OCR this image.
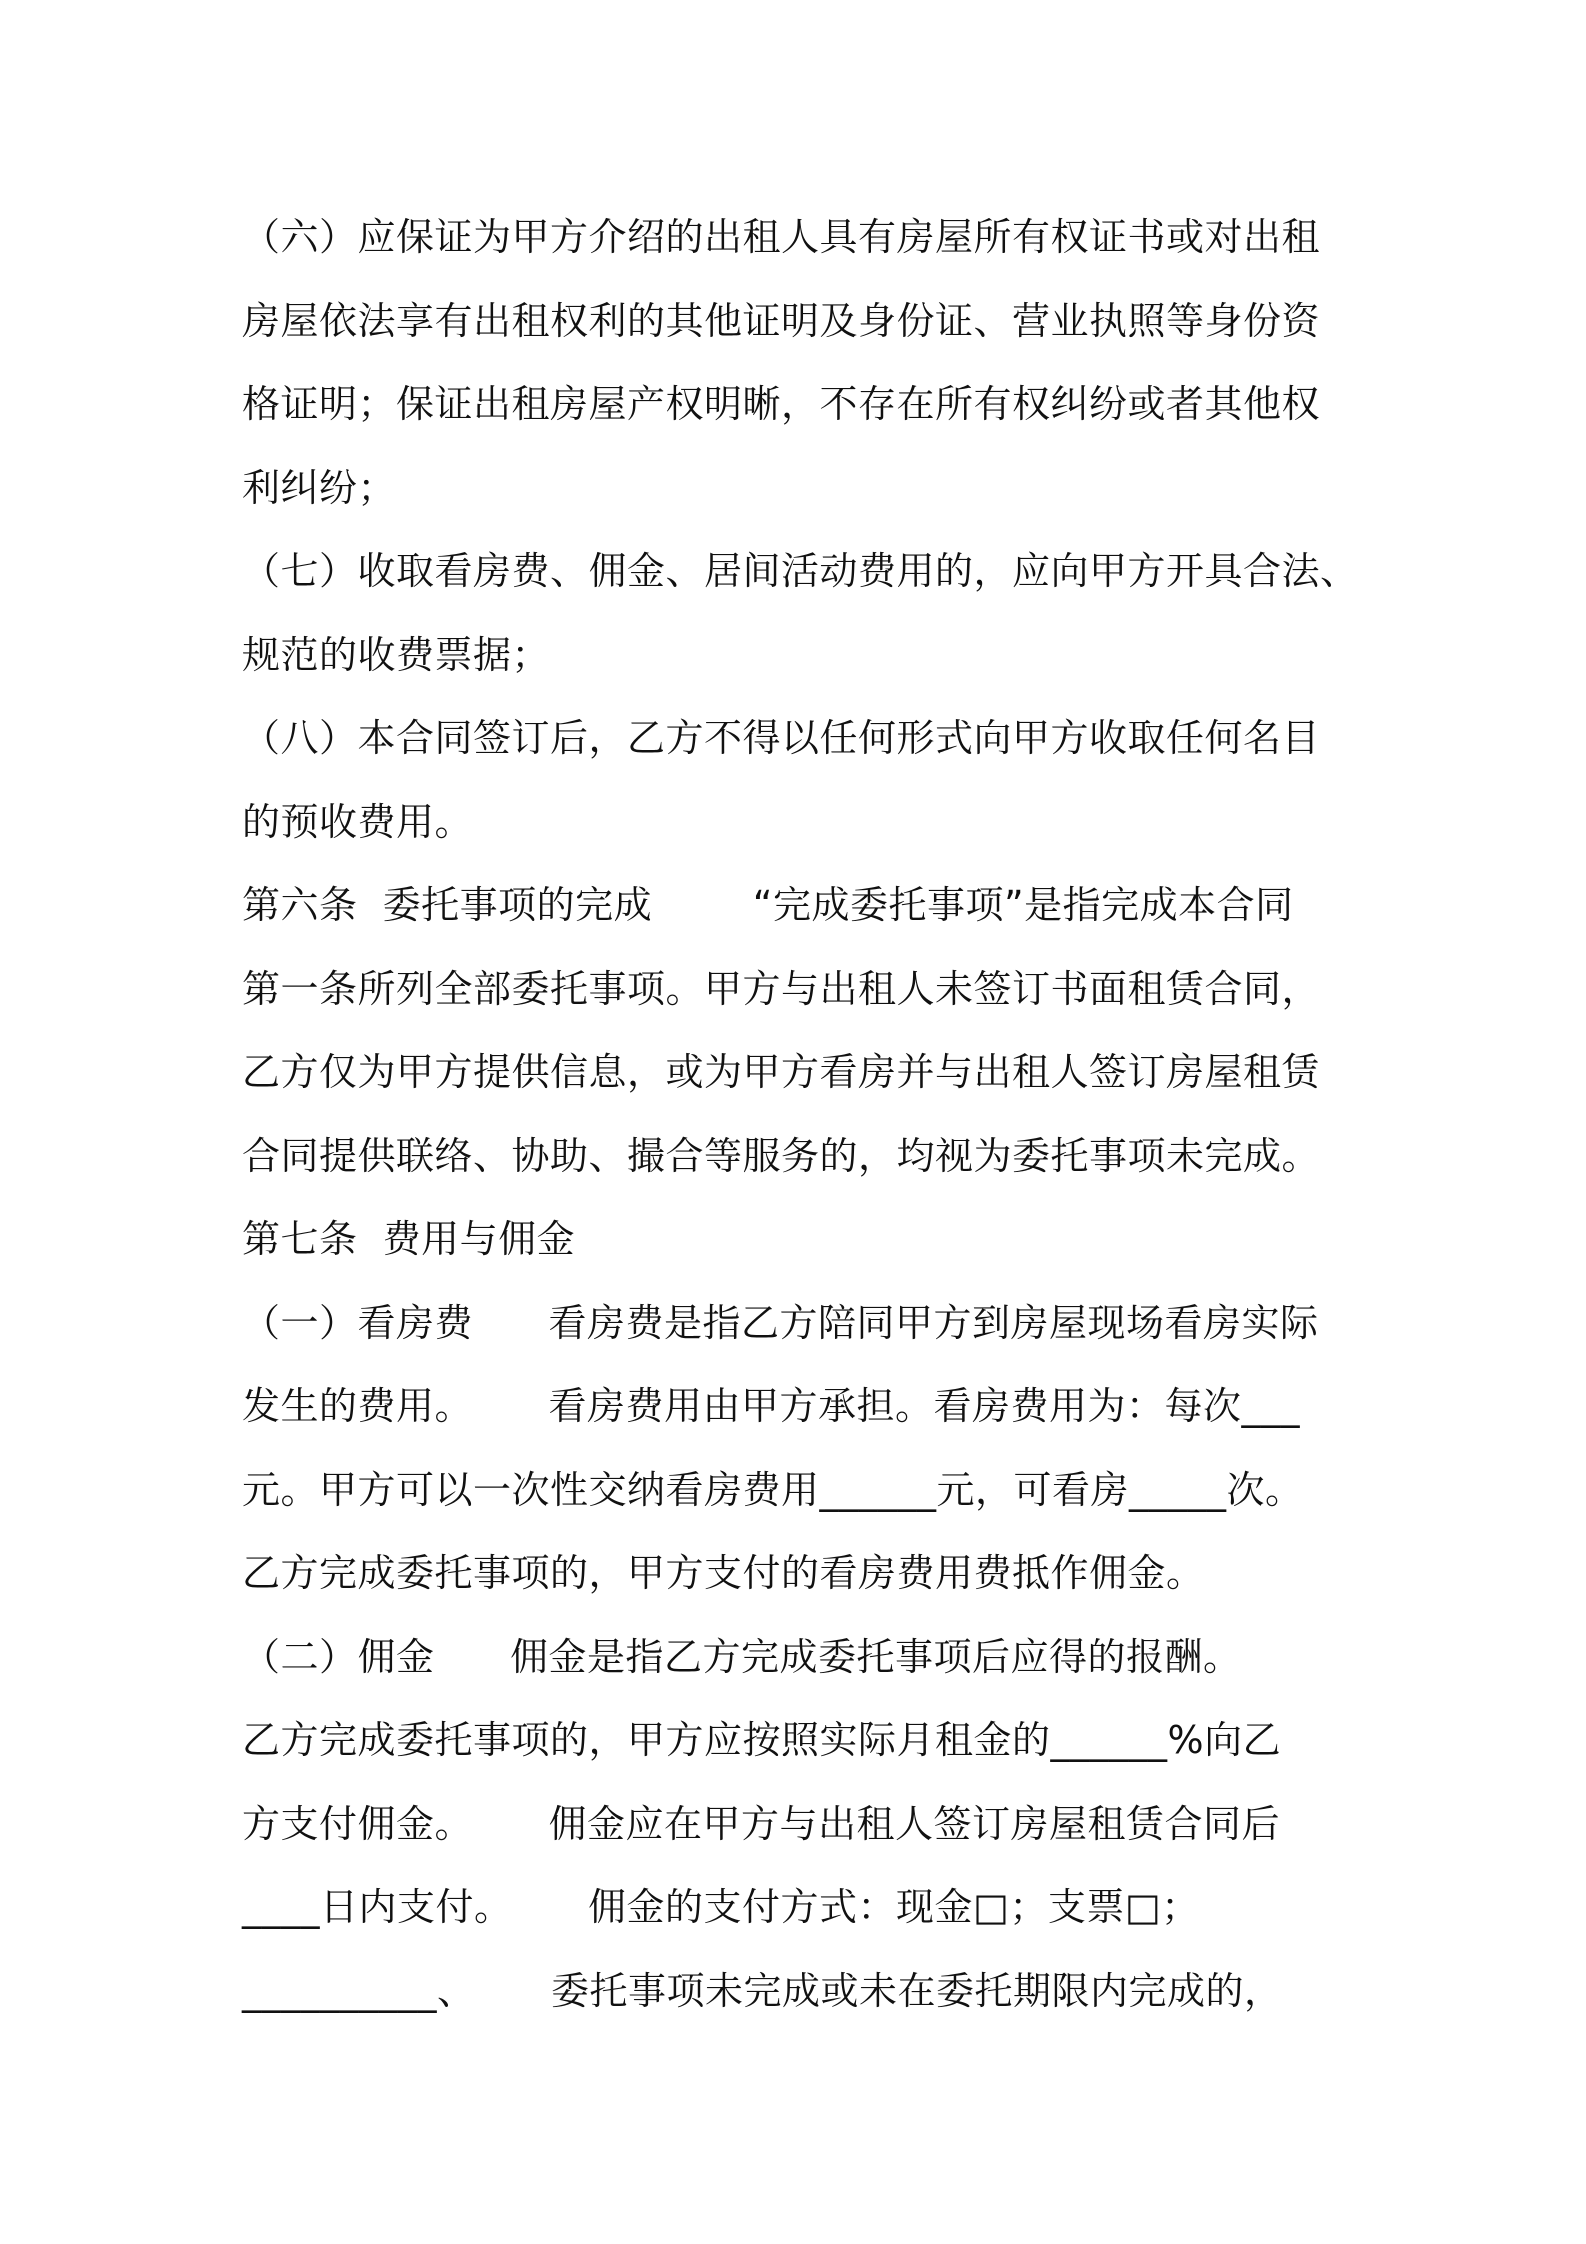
（六）应保证为甲方介绍的出租人具有房屋所有权证书或对出租
房屋依法享有出租权利的其他证明及身份证、营业执照等身份资
格证明；保证出租房屋产权明晰，不存在所有权纠纷或者其他权
利纠纷；
（七）收取看房费、佣金、居间活动费用的，应向甲方开具合法、
规范的收费票据；
（八）本合同签订后，乙方不得以任何形式向甲方收取任何名目
的预收费用。
第六条  委托事项的完成        “完成委托事项”是指完成本合同
第一条所列全部委托事项。甲方与出租人未签订书面租赁合同，
乙方仅为甲方提供信息，或为甲方看房并与出租人签订房屋租赁
合同提供联络、协助、撮合等服务的，均视为委托事项未完成。
第七条  费用与佣金
（一）看房费      看房费是指乙方陪同甲方到房屋现场看房实际
发生的费用。      看房费用由甲方承担。看房费用为：每次___
元。甲方可以一次性交纳看房费用______元，可看房_____次。
乙方完成委托事项的，甲方支付的看房费用费抵作佣金。
（二）佣金      佣金是指乙方完成委托事项后应得的报酬。
乙方完成委托事项的，甲方应按照实际月租金的______%向乙
方支付佣金。      佣金应在甲方与出租人签订房屋租赁合同后
____日内支付。      佣金的支付方式：现金□；支票□；
__________、      委托事项未完成或未在委托期限内完成的，
